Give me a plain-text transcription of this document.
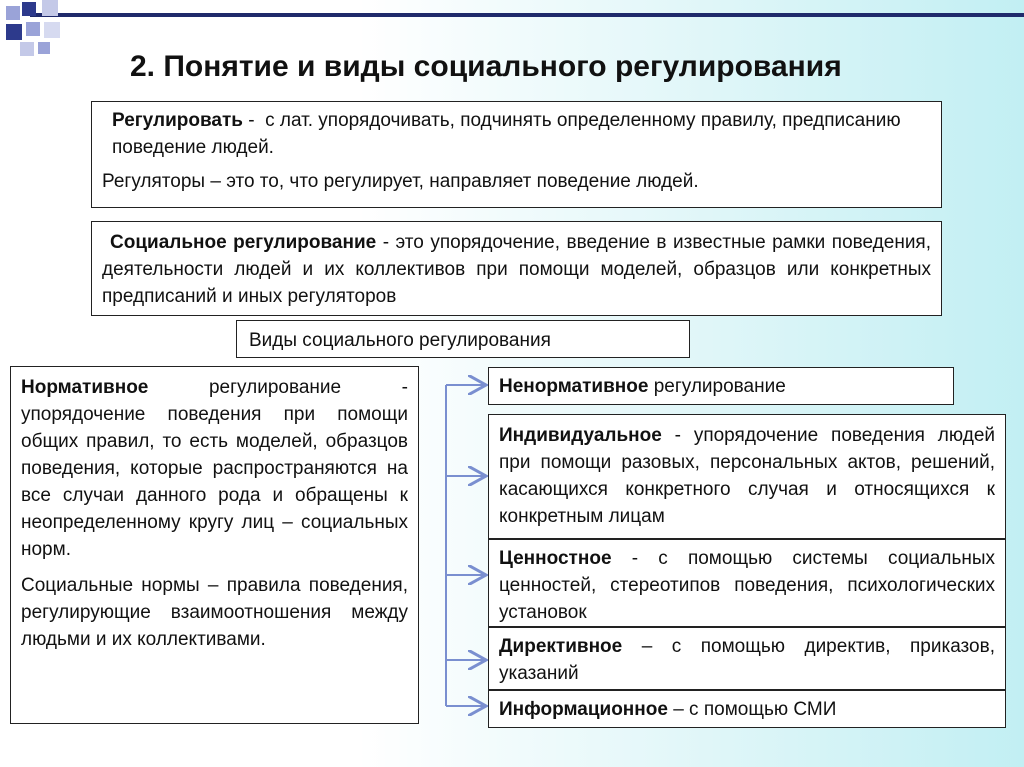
2. Понятие и виды социального регулирования

Регулировать -  с лат. упорядочивать, подчинять определенному правилу, предписанию поведение людей.

Регуляторы – это то, что регулирует, направляет поведение людей.

Социальное регулирование - это упорядочение, введение в известные рамки поведения, деятельности людей и их коллективов при помощи моделей, образцов или конкретных предписаний и иных регуляторов
Виды социального регулирования

Нормативное регулирование - упорядочение поведения при помощи общих правил, то есть моделей, образцов поведения, которые распространяются на все случаи данного рода и обращены к неопределенному кругу лиц – социальных норм.

Социальные нормы – правила поведения, регулирующие взаимоотношения между людьми и их коллективами.

Ненормативное регулирование
Индивидуальное - упорядочение поведения людей при помощи разовых, персональных актов, решений, касающихся конкретного случая и относящихся к конкретным лицам
Ценностное - с помощью системы социальных ценностей, стереотипов поведения, психологических установок
Директивное – с помощью директив, приказов, указаний
Информационное – с помощью СМИ
